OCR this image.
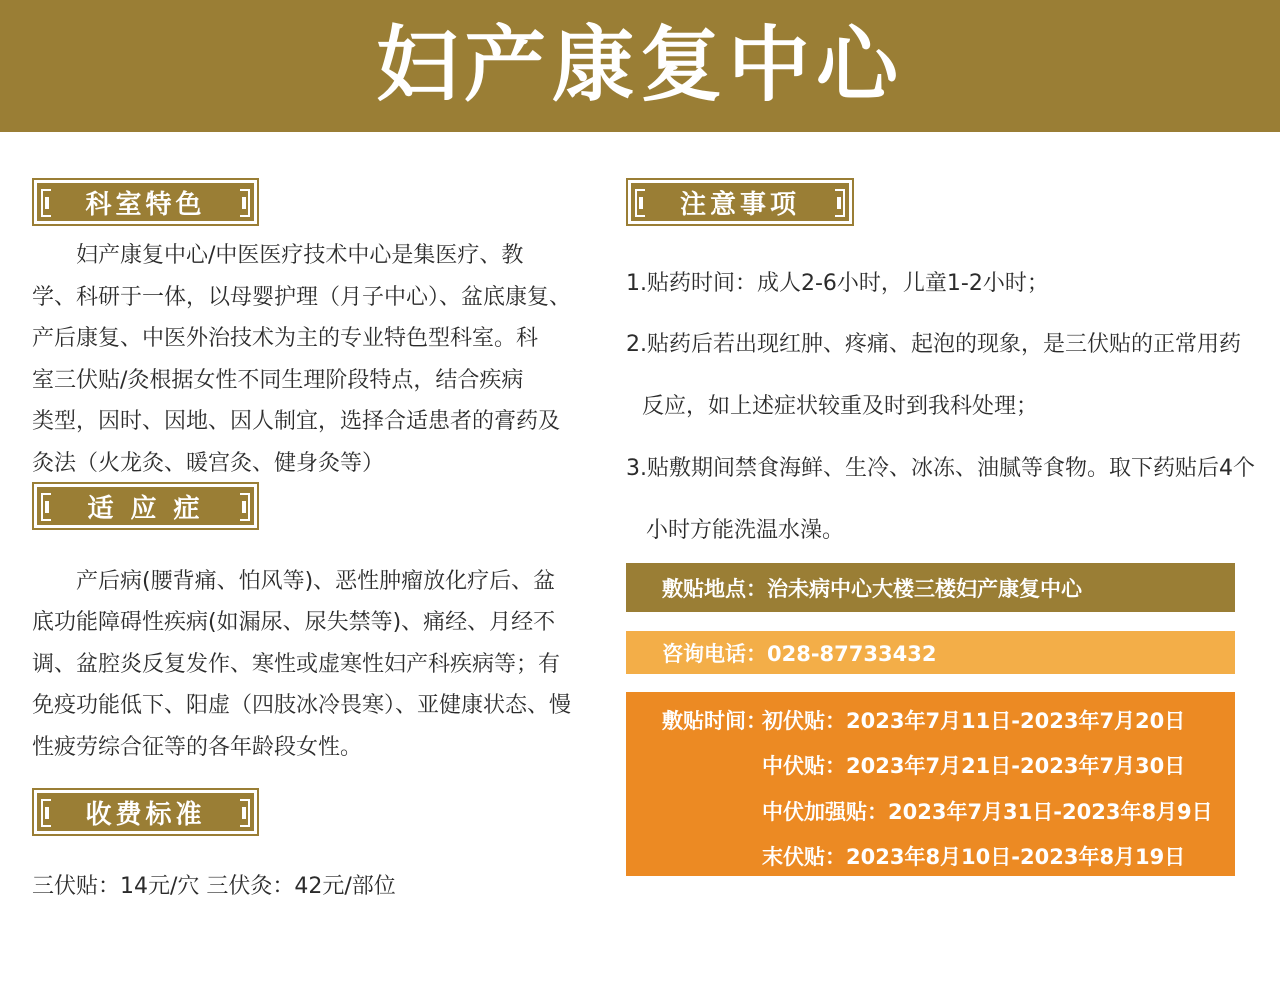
妇产康复中心
科室特色

　　妇产康复中心/中医医疗技术中心是集医疗、教

学、科研于一体，以母婴护理（月子中心）、盆底康复、

产后康复、中医外治技术为主的专业特色型科室。科

室三伏贴/灸根据女性不同生理阶段特点，结合疾病

类型，因时、因地、因人制宜，选择合适患者的膏药及

灸法（火龙灸、暖宫灸、健身灸等）

适 应 症

　　产后病(腰背痛、怕风等)、恶性肿瘤放化疗后、盆

底功能障碍性疾病(如漏尿、尿失禁等)、痛经、月经不

调、盆腔炎反复发作、寒性或虚寒性妇产科疾病等；有

免疫功能低下、阳虚（四肢冰冷畏寒）、亚健康状态、慢

性疲劳综合征等的各年龄段女性。

收费标准

三伏贴：14元/穴 三伏灸：42元/部位

注意事项

1.贴药时间：成人2-6小时，儿童1-2小时；

2.贴药后若出现红肿、疼痛、起泡的现象，是三伏贴的正常用药

反应，如上述症状较重及时到我科处理；

3.贴敷期间禁食海鲜、生冷、冰冻、油腻等食物。取下药贴后4个

小时方能洗温水澡。

敷贴地点：治未病中心大楼三楼妇产康复中心
咨询电话：028-87733432
敷贴时间：
初伏贴：2023年7月11日-2023年7月20日
中伏贴：2023年7月21日-2023年7月30日
中伏加强贴：2023年7月31日-2023年8月9日
末伏贴：2023年8月10日-2023年8月19日
